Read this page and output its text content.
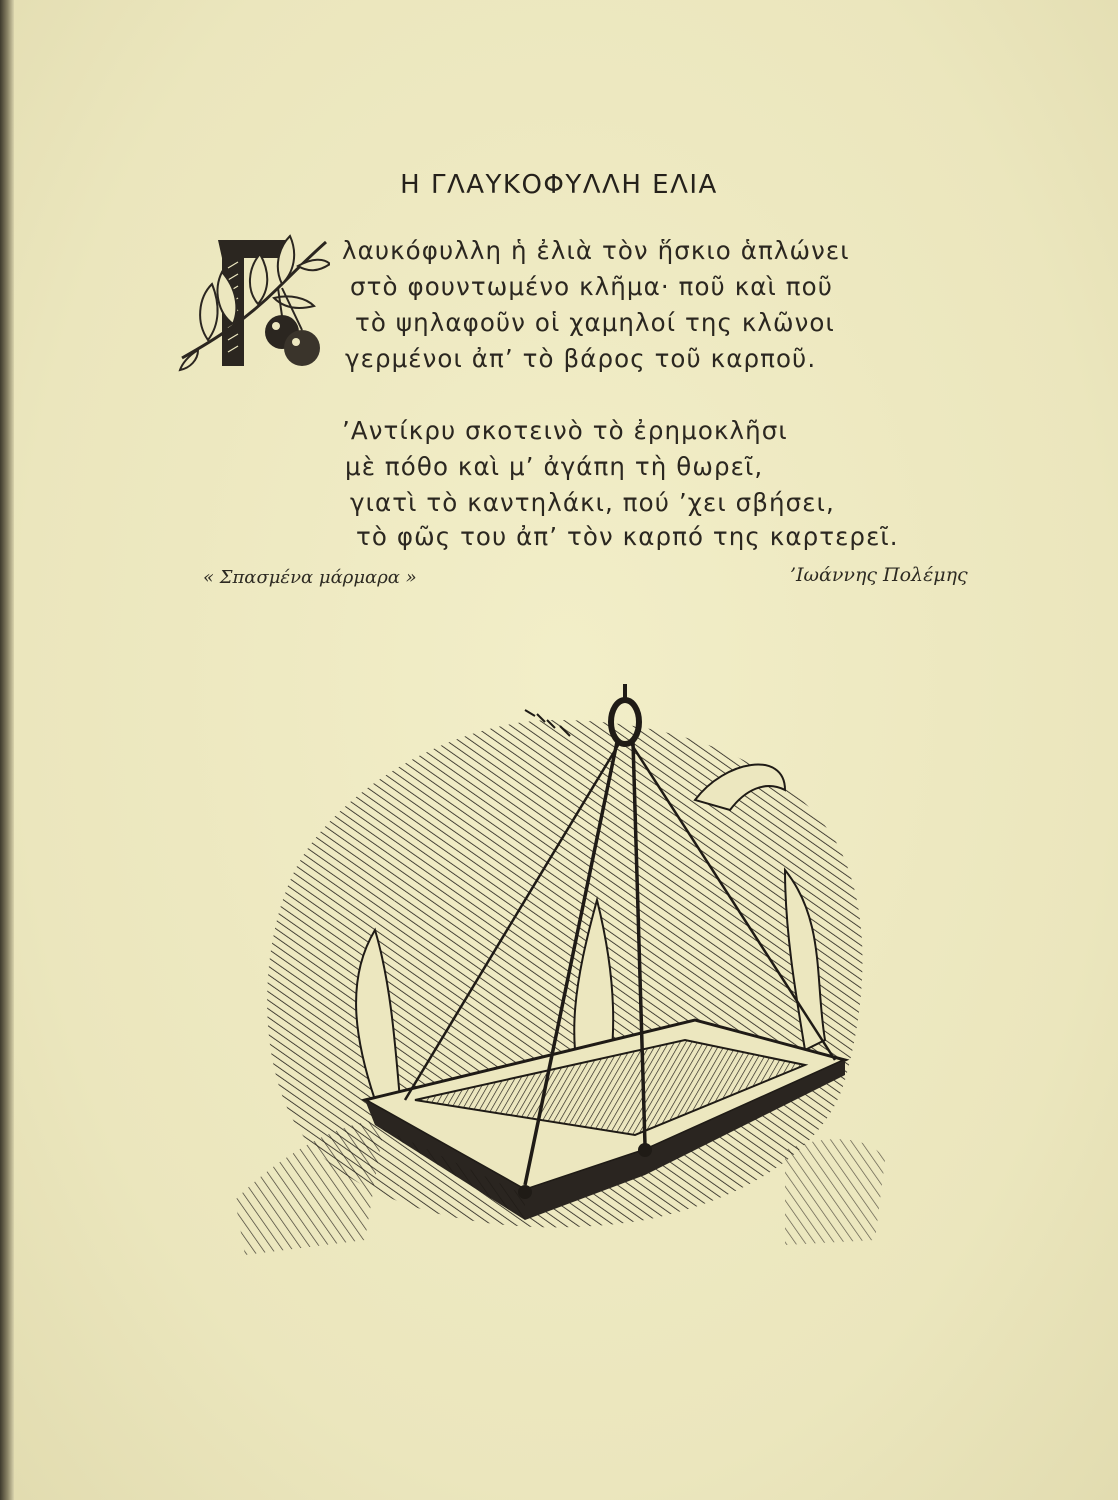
Η ΓΛΑΥΚΟΦΥΛΛΗ ΕΛΙΑ
λαυκόφυλλη ἡ ἐλιὰ τὸν ἥσκιο ἁπλώνει
στὸ φουντωμένο κλῆμα· ποῦ καὶ ποῦ
τὸ ψηλαφοῦν οἱ χαμηλοί της κλῶνοι
γερμένοι ἀπ’ τὸ βάρος τοῦ καρποῦ.
’Αντίκρυ σκοτεινὸ τὸ ἐρημοκλῆσι
μὲ πόθο καὶ μ’ ἀγάπη τὴ θωρεῖ,
γιατὶ τὸ καντηλάκι, πού ’χει σβήσει,
τὸ φῶς του ἀπ’ τὸν καρπό της καρτερεῖ.
« Σπασμένα μάρμαρα »	’Ιωάννης Πολέμης
